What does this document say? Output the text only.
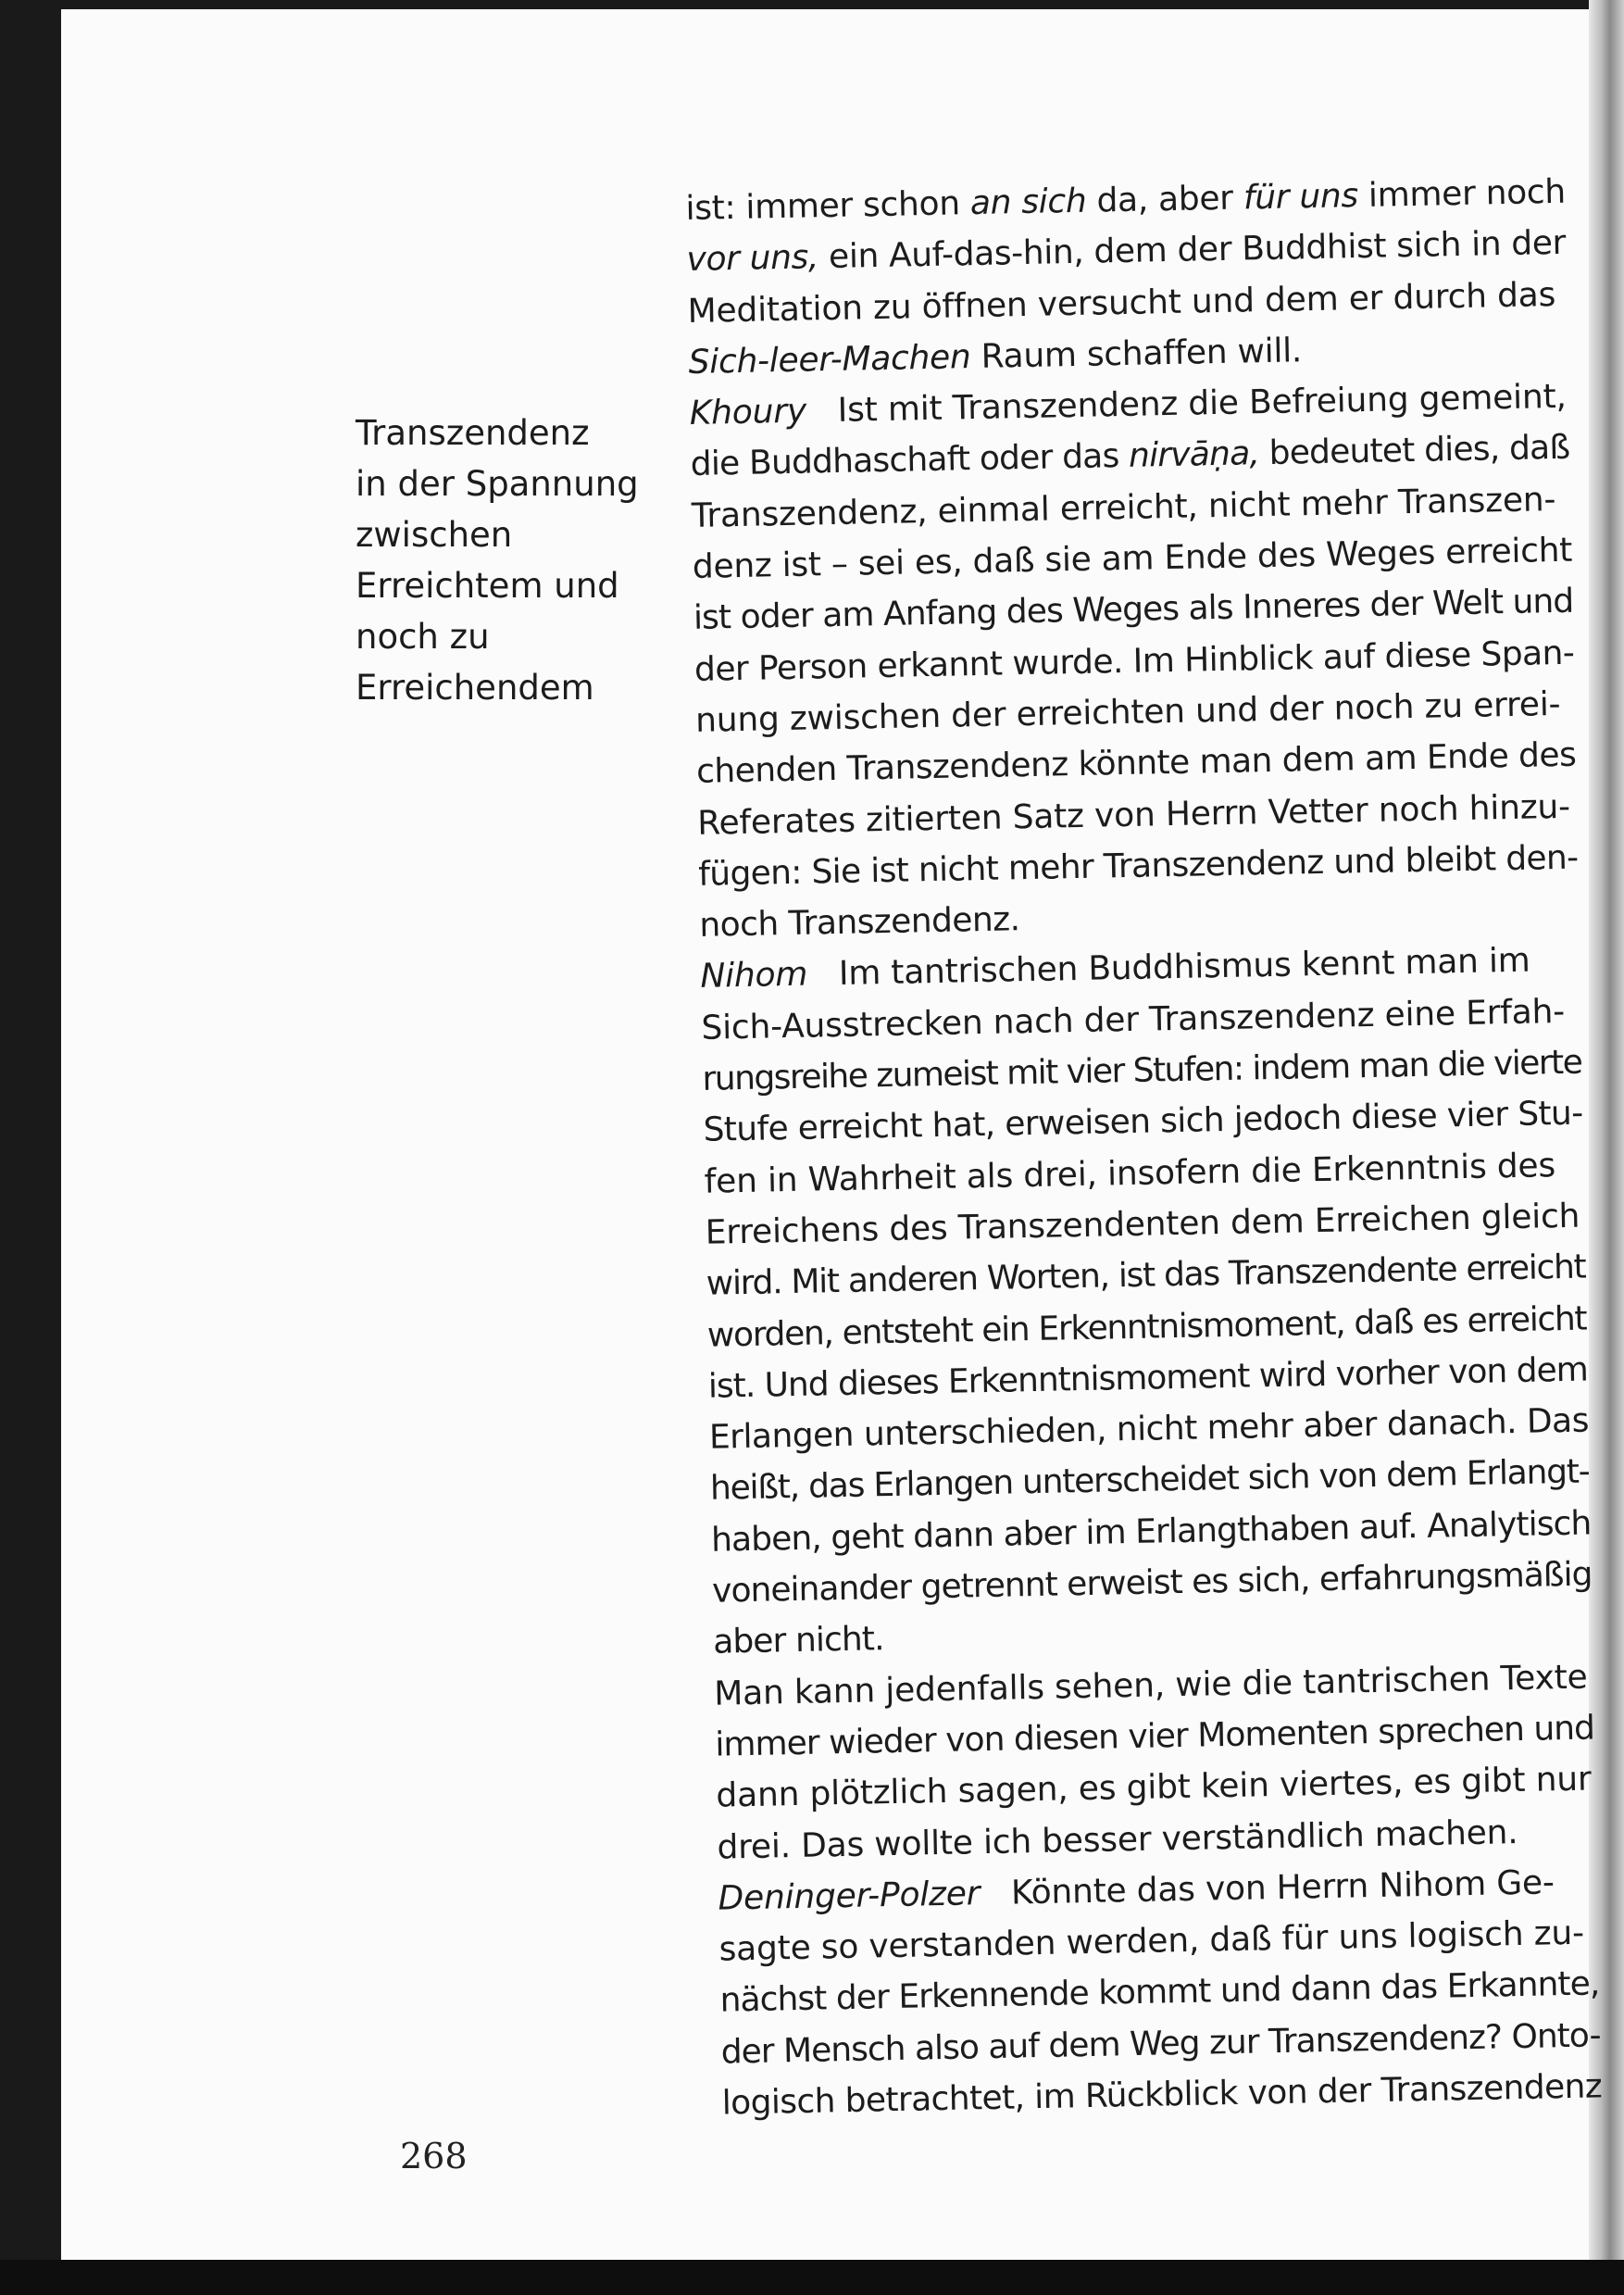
Transzendenz
in der Spannung
zwischen
Erreichtem und
noch zu
Erreichendem
ist: immer schon an sich da, aber für uns immer noch
vor uns, ein Auf-das-hin, dem der Buddhist sich in der
Meditation zu öffnen versucht und dem er durch das
Sich-leer-Machen Raum schaffen will.
Khoury   Ist mit Transzendenz die Befreiung gemeint,
die Buddhaschaft oder das nirvāṇa, bedeutet dies, daß
Transzendenz, einmal erreicht, nicht mehr Transzen-
denz ist – sei es, daß sie am Ende des Weges erreicht
ist oder am Anfang des Weges als Inneres der Welt und
der Person erkannt wurde. Im Hinblick auf diese Span-
nung zwischen der erreichten und der noch zu errei-
chenden Transzendenz könnte man dem am Ende des
Referates zitierten Satz von Herrn Vetter noch hinzu-
fügen: Sie ist nicht mehr Transzendenz und bleibt den-
noch Transzendenz.
Nihom   Im tantrischen Buddhismus kennt man im
Sich-Ausstrecken nach der Transzendenz eine Erfah-
rungsreihe zumeist mit vier Stufen: indem man die vierte
Stufe erreicht hat, erweisen sich jedoch diese vier Stu-
fen in Wahrheit als drei, insofern die Erkenntnis des
Erreichens des Transzendenten dem Erreichen gleich
wird. Mit anderen Worten, ist das Transzendente erreicht
worden, entsteht ein Erkenntnismoment, daß es erreicht
ist. Und dieses Erkenntnismoment wird vorher von dem
Erlangen unterschieden, nicht mehr aber danach. Das
heißt, das Erlangen unterscheidet sich von dem Erlangt-
haben, geht dann aber im Erlangthaben auf. Analytisch
voneinander getrennt erweist es sich, erfahrungsmäßig
aber nicht.
Man kann jedenfalls sehen, wie die tantrischen Texte
immer wieder von diesen vier Momenten sprechen und
dann plötzlich sagen, es gibt kein viertes, es gibt nur
drei. Das wollte ich besser verständlich machen.
Deninger-Polzer   Könnte das von Herrn Nihom Ge-
sagte so verstanden werden, daß für uns logisch zu-
nächst der Erkennende kommt und dann das Erkannte,
der Mensch also auf dem Weg zur Transzendenz? Onto-
logisch betrachtet, im Rückblick von der Transzendenz
268
